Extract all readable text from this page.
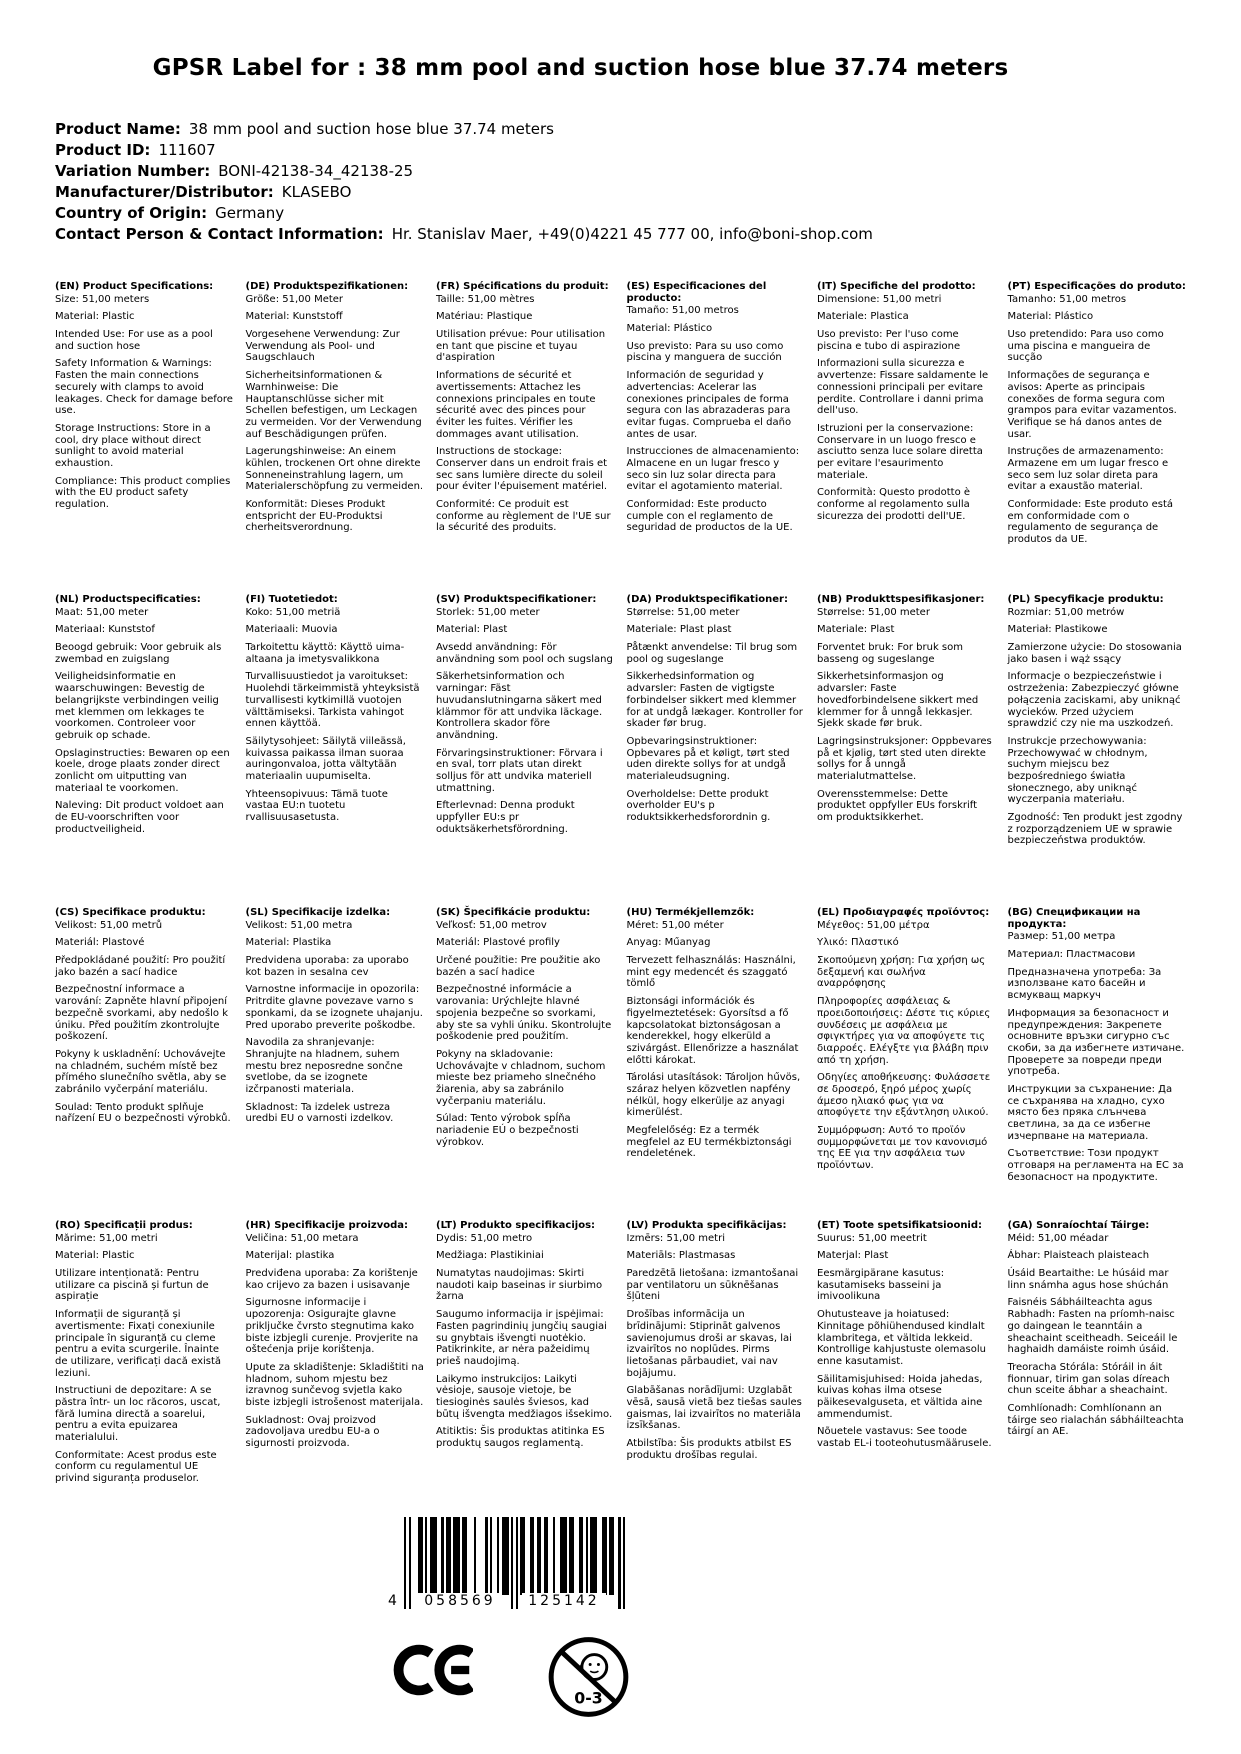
GPSR Label for : 38 mm pool and suction hose blue 37.74 meters
Product Name: 38 mm pool and suction hose blue 37.74 meters
Product ID: 111607
Variation Number: BONI-42138-34_42138-25
Manufacturer/Distributor: KLASEBO
Country of Origin: Germany
Contact Person & Contact Information: Hr. Stanislav Maer, +49(0)4221 45 777 00, info@boni-shop.com
(EN) Product Specifications:

Size: 51,00 meters

Material: Plastic

Intended Use: For use as a pool and suction hose

Safety Information & Warnings: Fasten the main connections securely with clamps to avoid leakages. Check for damage before use.

Storage Instructions: Store in a cool, dry place without direct sunlight to avoid material exhaustion.

Compliance: This product complies with the EU product safety regulation.

(DE) Produktspezifikationen:

Größe: 51,00 Meter

Material: Kunststoff

Vorgesehene Verwendung: Zur Verwendung als Pool- und Saugschlauch

Sicherheitsinformationen & Warnhinweise: Die Hauptanschlüsse sicher mit Schellen befestigen, um Leckagen zu vermeiden. Vor der Verwendung auf Beschädigungen prüfen.

Lagerungshinweise: An einem kühlen, trockenen Ort ohne direkte Sonneneinstrahlung lagern, um Materialerschöpfung zu vermeiden.

Konformität: Dieses Produkt entspricht der EU-Produktsi cherheitsverordnung.

(FR) Spécifications du produit:

Taille: 51,00 mètres

Matériau: Plastique

Utilisation prévue: Pour utilisation en tant que piscine et tuyau d'aspiration

Informations de sécurité et avertissements: Attachez les connexions principales en toute sécurité avec des pinces pour éviter les fuites. Vérifier les dommages avant utilisation.

Instructions de stockage: Conserver dans un endroit frais et sec sans lumière directe du soleil pour éviter l'épuisement matériel.

Conformité: Ce produit est conforme au règlement de l'UE sur la sécurité des produits.

(ES) Especificaciones del producto:

Tamaño: 51,00 metros

Material: Plástico

Uso previsto: Para su uso como piscina y manguera de succión

Información de seguridad y advertencias: Acelerar las conexiones principales de forma segura con las abrazaderas para evitar fugas. Comprueba el daño antes de usar.

Instrucciones de almacenamiento: Almacene en un lugar fresco y seco sin luz solar directa para evitar el agotamiento material.

Conformidad: Este producto cumple con el reglamento de seguridad de productos de la UE.

(IT) Specifiche del prodotto:

Dimensione: 51,00 metri

Materiale: Plastica

Uso previsto: Per l'uso come piscina e tubo di aspirazione

Informazioni sulla sicurezza e avvertenze: Fissare saldamente le connessioni principali per evitare perdite. Controllare i danni prima dell'uso.

Istruzioni per la conservazione: Conservare in un luogo fresco e asciutto senza luce solare diretta per evitare l'esaurimento materiale.

Conformità: Questo prodotto è conforme al regolamento sulla sicurezza dei prodotti dell'UE.

(PT) Especificações do produto:

Tamanho: 51,00 metros

Material: Plástico

Uso pretendido: Para uso como uma piscina e mangueira de sucção

Informações de segurança e avisos: Aperte as principais conexões de forma segura com grampos para evitar vazamentos. Verifique se há danos antes de usar.

Instruções de armazenamento: Armazene em um lugar fresco e seco sem luz solar direta para evitar a exaustão material.

Conformidade: Este produto está em conformidade com o regulamento de segurança de produtos da UE.

(NL) Productspecificaties:

Maat: 51,00 meter

Materiaal: Kunststof

Beoogd gebruik: Voor gebruik als zwembad en zuigslang

Veiligheidsinformatie en waarschuwingen: Bevestig de belangrijkste verbindingen veilig met klemmen om lekkages te voorkomen. Controleer voor gebruik op schade.

Opslaginstructies: Bewaren op een koele, droge plaats zonder direct zonlicht om uitputting van materiaal te voorkomen.

Naleving: Dit product voldoet aan de EU-voorschriften voor productveiligheid.

(FI) Tuotetiedot:

Koko: 51,00 metriä

Materiaali: Muovia

Tarkoitettu käyttö: Käyttö uima-altaana ja imetysvalikkona

Turvallisuustiedot ja varoitukset: Huolehdi tärkeimmistä yhteyksistä turvallisesti kytkimillä vuotojen välttämiseksi. Tarkista vahingot ennen käyttöä.

Säilytysohjeet: Säilytä viileässä, kuivassa paikassa ilman suoraa auringonvaloa, jotta vältytään materiaalin uupumiselta.

Yhteensopivuus: Tämä tuote vastaa EU:n tuotetu rvallisuusasetusta.

(SV) Produktspecifikationer:

Storlek: 51,00 meter

Material: Plast

Avsedd användning: För användning som pool och sugslang

Säkerhetsinformation och varningar: Fäst huvudanslutningarna säkert med klämmor för att undvika läckage. Kontrollera skador före användning.

Förvaringsinstruktioner: Förvara i en sval, torr plats utan direkt solljus för att undvika materiell utmattning.

Efterlevnad: Denna produkt uppfyller EU:s pr oduktsäkerhetsförordning.

(DA) Produktspecifikationer:

Størrelse: 51,00 meter

Materiale: Plast plast

Påtænkt anvendelse: Til brug som pool og sugeslange

Sikkerhedsinformation og advarsler: Fasten de vigtigste forbindelser sikkert med klemmer for at undgå lækager. Kontroller for skader før brug.

Opbevaringsinstruktioner: Opbevares på et køligt, tørt sted uden direkte sollys for at undgå materialeudsugning.

Overholdelse: Dette produkt overholder EU's p roduktsikkerhedsforordnin g.

(NB) Produkttspesifikasjoner:

Størrelse: 51,00 meter

Materiale: Plast

Forventet bruk: For bruk som basseng og sugeslange

Sikkerhetsinformasjon og advarsler: Faste hovedforbindelsene sikkert med klemmer for å unngå lekkasjer. Sjekk skade før bruk.

Lagringsinstruksjoner: Oppbevares på et kjølig, tørt sted uten direkte sollys for å unngå materialutmattelse.

Overensstemmelse: Dette produktet oppfyller EUs forskrift om produktsikkerhet.

(PL) Specyfikacje produktu:

Rozmiar: 51,00 metrów

Materiał: Plastikowe

Zamierzone użycie: Do stosowania jako basen i wąż ssący

Informacje o bezpieczeństwie i ostrzeżenia: Zabezpieczyć główne połączenia zaciskami, aby uniknąć wycieków. Przed użyciem sprawdzić czy nie ma uszkodzeń.

Instrukcje przechowywania: Przechowywać w chłodnym, suchym miejscu bez bezpośredniego światła słonecznego, aby uniknąć wyczerpania materiału.

Zgodność: Ten produkt jest zgodny z rozporządzeniem UE w sprawie bezpieczeństwa produktów.

(CS) Specifikace produktu:

Velikost: 51,00 metrů

Materiál: Plastové

Předpokládané použití: Pro použití jako bazén a sací hadice

Bezpečnostní informace a varování: Zapněte hlavní připojení bezpečně svorkami, aby nedošlo k úniku. Před použitím zkontrolujte poškození.

Pokyny k uskladnění: Uchovávejte na chladném, suchém místě bez přímého slunečního světla, aby se zabránilo vyčerpání materiálu.

Soulad: Tento produkt splňuje nařízení EU o bezpečnosti výrobků.

(SL) Specifikacije izdelka:

Velikost: 51,00 metra

Material: Plastika

Predvidena uporaba: za uporabo kot bazen in sesalna cev

Varnostne informacije in opozorila: Pritrdite glavne povezave varno s sponkami, da se izognete uhajanju. Pred uporabo preverite poškodbe.

Navodila za shranjevanje: Shranjujte na hladnem, suhem mestu brez neposredne sončne svetlobe, da se izognete izčrpanosti materiala.

Skladnost: Ta izdelek ustreza uredbi EU o varnosti izdelkov.

(SK) Špecifikácie produktu:

Veľkosť: 51,00 metrov

Materiál: Plastové profily

Určené použitie: Pre použitie ako bazén a sací hadice

Bezpečnostné informácie a varovania: Urýchlejte hlavné spojenia bezpečne so svorkami, aby ste sa vyhli úniku. Skontrolujte poškodenie pred použitím.

Pokyny na skladovanie: Uchovávajte v chladnom, suchom mieste bez priameho slnečného žiarenia, aby sa zabránilo vyčerpaniu materiálu.

Súlad: Tento výrobok spĺňa nariadenie EÚ o bezpečnosti výrobkov.

(HU) Termékjellemzők:

Méret: 51,00 méter

Anyag: Műanyag

Tervezett felhasználás: Használni, mint egy medencét és szaggató tömlő

Biztonsági információk és figyelmeztetések: Gyorsítsd a fő kapcsolatokat biztonságosan a kenderekkel, hogy elkerüld a szivárgást. Ellenőrizze a használat előtti károkat.

Tárolási utasítások: Tároljon hűvös, száraz helyen közvetlen napfény nélkül, hogy elkerülje az anyagi kimerülést.

Megfelelőség: Ez a termék megfelel az EU termékbiztonsági rendeletének.

(EL) Προδιαγραφές προϊόντος:

Μέγεθος: 51,00 μέτρα

Υλικό: Πλαστικό

Σκοπούμενη χρήση: Για χρήση ως δεξαμενή και σωλήνα αναρρόφησης

Πληροφορίες ασφάλειας & προειδοποιήσεις: Δέστε τις κύριες συνδέσεις με ασφάλεια με σφιγκτήρες για να αποφύγετε τις διαρροές. Ελέγξτε για βλάβη πριν από τη χρήση.

Οδηγίες αποθήκευσης: Φυλάσσετε σε δροσερό, ξηρό μέρος χωρίς άμεσο ηλιακό φως για να αποφύγετε την εξάντληση υλικού.

Συμμόρφωση: Αυτό το προϊόν συμμορφώνεται με τον κανονισμό της ΕΕ για την ασφάλεια των προϊόντων.

(BG) Спецификации на продукта:

Размер: 51,00 метра

Материал: Пластмасови

Предназначена употреба: За използване като басейн и всмукващ маркуч

Информация за безопасност и предупреждения: Закрепете основните връзки сигурно със скоби, за да избегнете изтичане. Проверете за повреди преди употреба.

Инструкции за съхранение: Да се съхранява на хладно, сухо място без пряка слънчева светлина, за да се избегне изчерпване на материала.

Съответствие: Този продукт отговаря на регламента на ЕС за безопасност на продуктите.

(RO) Specificații produs:

Mărime: 51,00 metri

Material: Plastic

Utilizare intenționată: Pentru utilizare ca piscină și furtun de aspirație

Informații de siguranță și avertismente: Fixați conexiunile principale în siguranță cu cleme pentru a evita scurgerile. Înainte de utilizare, verificați dacă există leziuni.

Instructiuni de depozitare: A se păstra într- un loc răcoros, uscat, fără lumina directă a soarelui, pentru a evita epuizarea materialului.

Conformitate: Acest produs este conform cu regulamentul UE privind siguranța produselor.

(HR) Specifikacije proizvoda:

Veličina: 51,00 metara

Materijal: plastika

Predviđena uporaba: Za korištenje kao crijevo za bazen i usisavanje

Sigurnosne informacije i upozorenja: Osigurajte glavne priključke čvrsto stegnutima kako biste izbjegli curenje. Provjerite na oštećenja prije korištenja.

Upute za skladištenje: Skladištiti na hladnom, suhom mjestu bez izravnog sunčevog svjetla kako biste izbjegli istrošenost materijala.

Sukladnost: Ovaj proizvod zadovoljava uredbu EU-a o sigurnosti proizvoda.

(LT) Produkto specifikacijos:

Dydis: 51,00 metro

Medžiaga: Plastikiniai

Numatytas naudojimas: Skirti naudoti kaip baseinas ir siurbimo žarna

Saugumo informacija ir įspėjimai: Fasten pagrindinių jungčių saugiai su gnybtais išvengti nuotėkio. Patikrinkite, ar nėra pažeidimų prieš naudojimą.

Laikymo instrukcijos: Laikyti vėsioje, sausoje vietoje, be tiesioginės saulės šviesos, kad būtų išvengta medžiagos išsekimo.

Atitiktis: Šis produktas atitinka ES produktų saugos reglamentą.

(LV) Produkta specifikācijas:

Izmērs: 51,00 metri

Materiāls: Plastmasas

Paredzētā lietošana: izmantošanai par ventilatoru un sūknēšanas šļūteni

Drošības informācija un brīdinājumi: Stiprināt galvenos savienojumus droši ar skavas, lai izvairītos no noplūdes. Pirms lietošanas pārbaudiet, vai nav bojājumu.

Glabāšanas norādījumi: Uzglabāt vēsā, sausā vietā bez tiešas saules gaismas, lai izvairītos no materiāla izsīkšanas.

Atbilstība: Šis produkts atbilst ES produktu drošības regulai.

(ET) Toote spetsifikatsioonid:

Suurus: 51,00 meetrit

Materjal: Plast

Eesmärgipärane kasutus: kasutamiseks basseini ja imivoolikuna

Ohutusteave ja hoiatused: Kinnitage põhiühendused kindlalt klambritega, et vältida lekkeid. Kontrollige kahjustuste olemasolu enne kasutamist.

Säilitamisjuhised: Hoida jahedas, kuivas kohas ilma otsese päikesevalguseta, et vältida aine ammendumist.

Nõuetele vastavus: See toode vastab EL-i tooteohutusmäärusele.

(GA) Sonraíochtaí Táirge:

Méid: 51,00 méadar

Ábhar: Plaisteach plaisteach

Úsáid Beartaithe: Le húsáid mar linn snámha agus hose shúchán

Faisnéis Sábháilteachta agus Rabhadh: Fasten na príomh-naisc go daingean le teanntáin a sheachaint sceitheadh. Seiceáil le haghaidh damáiste roimh úsáid.

Treoracha Stórála: Stóráil in áit fionnuar, tirim gan solas díreach chun sceite ábhar a sheachaint.

Comhlíonadh: Comhlíonann an táirge seo rialachán sábháilteachta táirgí an AE.

4	058569	125142
0-3
